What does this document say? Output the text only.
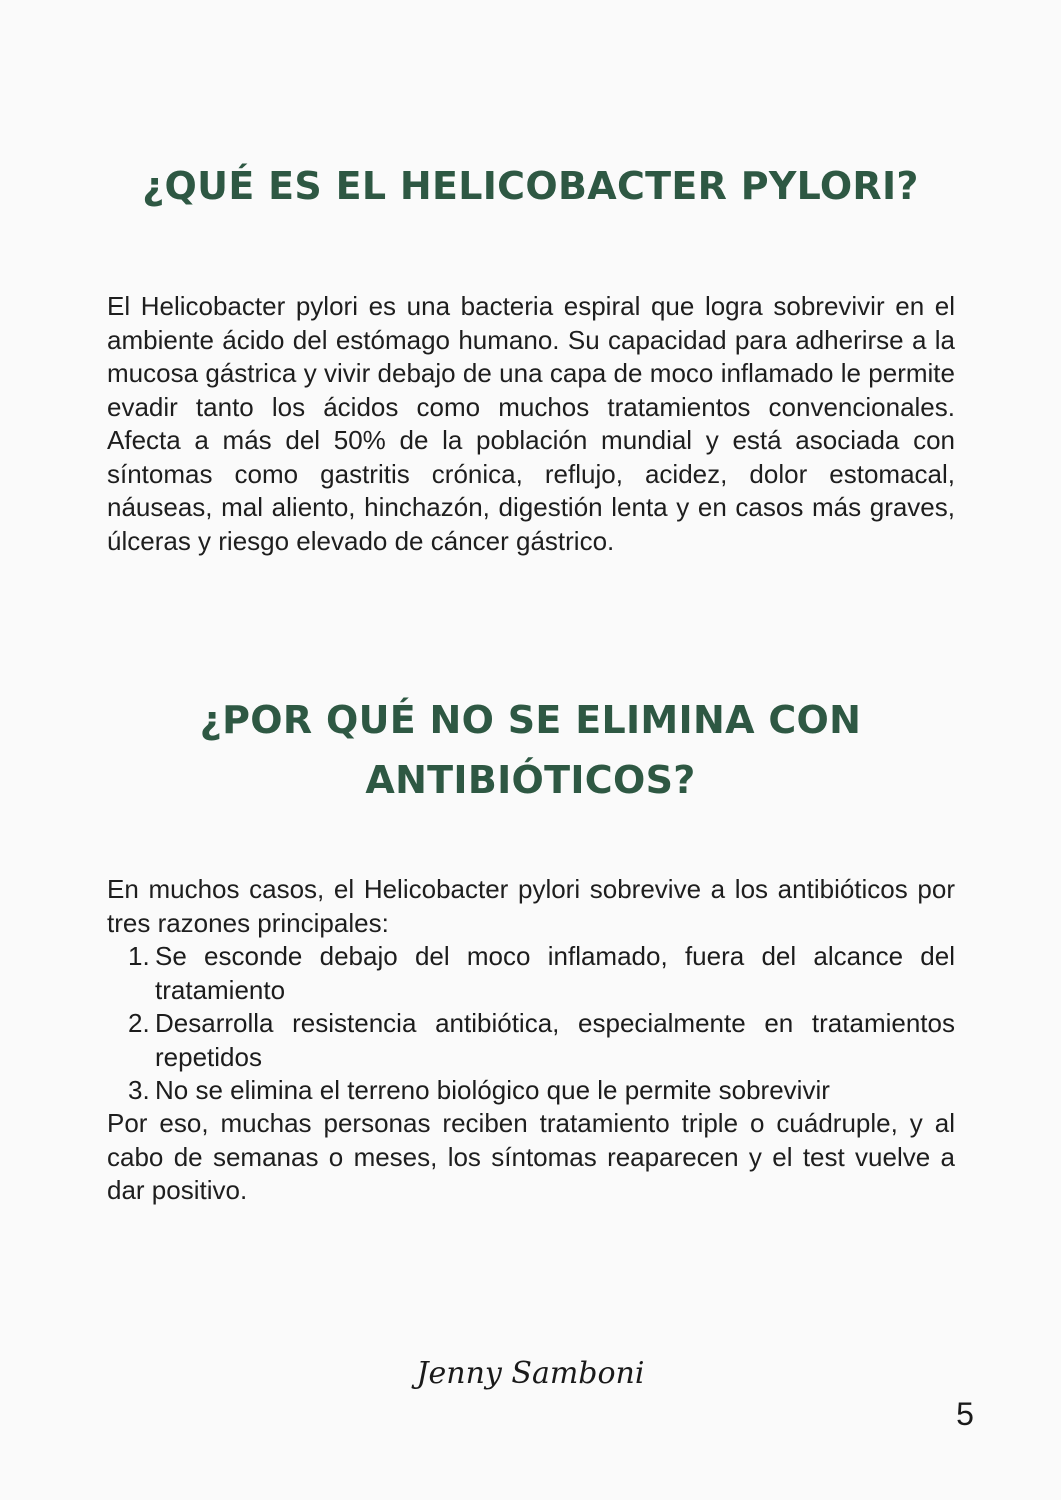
¿QUÉ ES EL HELICOBACTER PYLORI?

El Helicobacter pylori es una bacteria espiral que logra sobrevivir en el ambiente ácido del estómago humano. Su capacidad para adherirse a la mucosa gástrica y vivir debajo de una capa de moco inflamado le permite evadir tanto los ácidos como muchos tratamientos convencionales. Afecta a más del 50% de la población mundial y está asociada con síntomas como gastritis crónica, reflujo, acidez, dolor estomacal, náuseas, mal aliento, hinchazón, digestión lenta y en casos más graves, úlceras y riesgo elevado de cáncer gástrico.

¿POR QUÉ NO SE ELIMINA CON
ANTIBIÓTICOS?

En muchos casos, el Helicobacter pylori sobrevive a los antibióticos por tres razones principales:

1. Se esconde debajo del moco inflamado, fuera del alcance del tratamiento
2. Desarrolla resistencia antibiótica, especialmente en tratamientos repetidos
3. No se elimina el terreno biológico que le permite sobrevivir

Por eso, muchas personas reciben tratamiento triple o cuádruple, y al cabo de semanas o meses, los síntomas reaparecen y el test vuelve a dar positivo.

Jenny Samboni
5
